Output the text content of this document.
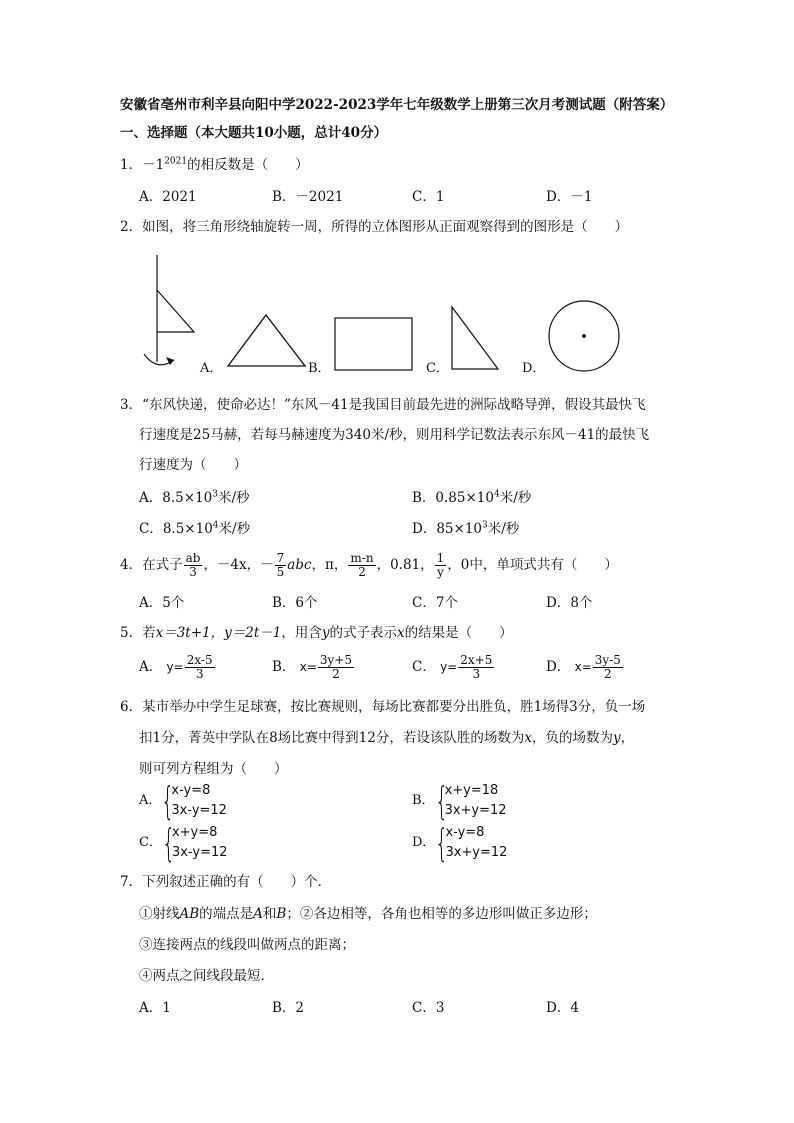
安徽省亳州市利辛县向阳中学2022-2023学年七年级数学上册第三次月考测试题（附答案）
一、选择题（本大题共10小题，总计40分）
1．$-1^{2021}$的相反数是（　　）
A．2021	B．－2021	C．1	D．－1
2．如图，将三角形绕轴旋转一周，所得的立体图形从正面观察得到的图形是（　　）
A．	B．	C．	D．
3．“东风快递，使命必达！”东风－41是我国目前最先进的洲际战略导弹，假设其最快飞
行速度是25马赫，若每马赫速度为340米/秒，则用科学记数法表示东风－41的最快飞
行速度为（　　）
A．$8.5\times 10^3$米/秒	B．$0.85\times 10^4$米/秒
C．$8.5\times 10^4$米/秒	D．$85\times 10^3$米/秒
4．在式子 $\frac{ab}{3}$ ，－4x，－ $\frac{7}{5}$ abc，π， $\frac{m-n}{2}$ ，0.81， $\frac{1}{y}$ ，0中，单项式共有（　　）
A．5个	B．6个	C．7个	D．8个
5．若x＝3t+1，y＝2t－1，用含y的式子表示x的结果是（　　）
A． $y= \frac{2x-5}{3}$	B． $x= \frac{3y+5}{2}$	C． $y= \frac{2x+5}{3}$	D． $x= \frac{3y-5}{2}$
6．某市举办中学生足球赛，按比赛规则，每场比赛都要分出胜负，胜1场得3分，负一场
扣1分，菁英中学队在8场比赛中得到12分，若设该队胜的场数为x，负的场数为y，
则可列方程组为（　　）
A．{
x-y=8
3x-y=12
B．{
x+y=18
3x+y=12
C．{
x+y=8
3x-y=12
D．{
x-y=8
3x+y=12
7．下列叙述正确的有（　　）个．
①射线AB的端点是A和B；②各边相等，各角也相等的多边形叫做正多边形；
③连接两点的线段叫做两点的距离；
④两点之间线段最短．
A．1	B．2	C．3	D．4
